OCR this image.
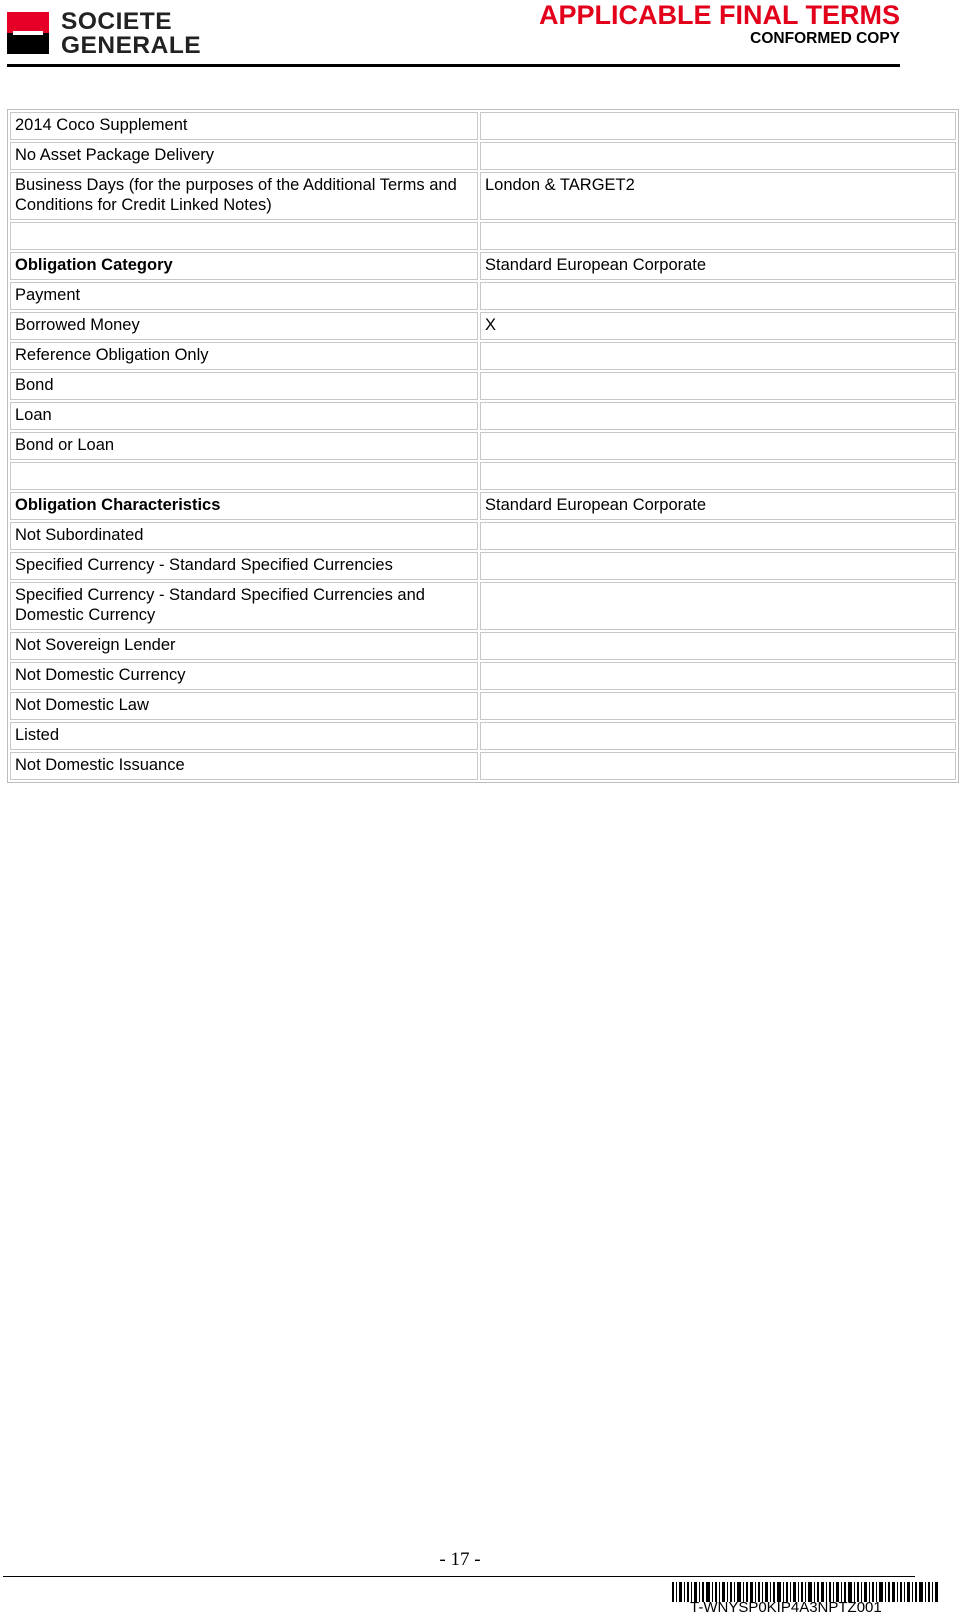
SOCIETE
GENERALE
APPLICABLE FINAL TERMS
CONFORMED COPY
2014 Coco Supplement	
No Asset Package Delivery	
Business Days (for the purposes of the Additional Terms and Conditions for Credit Linked Notes)	London & TARGET2

Obligation Category	Standard European Corporate
Payment	
Borrowed Money	X
Reference Obligation Only	
Bond	
Loan	
Bond or Loan	

Obligation Characteristics	Standard European Corporate
Not Subordinated	
Specified Currency - Standard Specified Currencies	
Specified Currency - Standard Specified Currencies and Domestic Currency	
Not Sovereign Lender	
Not Domestic Currency	
Not Domestic Law	
Listed	
Not Domestic Issuance	
- 17 -
T-WNYSP0KIP4A3NPTZ001
